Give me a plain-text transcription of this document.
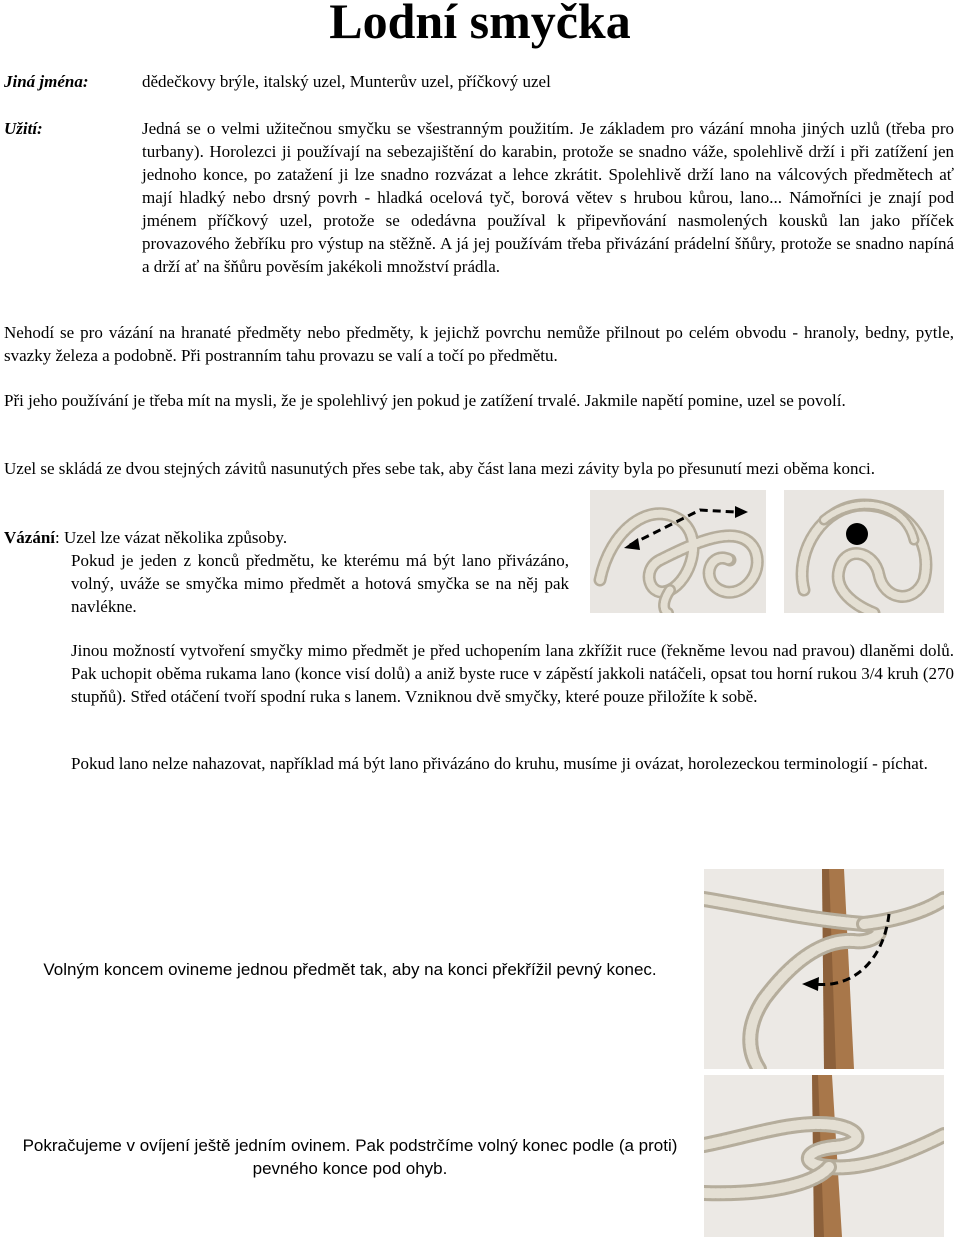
Lodní smyčka
Jiná jména:	dědečkovy brýle, italský uzel, Munterův uzel, příčkový uzel
Užití:	Jedná se o velmi užitečnou smyčku se všestranným použitím. Je základem pro vázání mnoha jiných uzlů (třeba pro turbany). Horolezci ji používají na sebezajištění do karabin, protože se snadno váže, spolehlivě drží i při zatížení jen jednoho konce, po zatažení ji lze snadno rozvázat a lehce zkrátit. Spolehlivě drží lano na válcových předmětech ať mají hladký nebo drsný povrh - hladká ocelová tyč, borová větev s hrubou kůrou, lano... Námořníci je znají pod jménem příčkový uzel, protože se odedávna používal k připevňování nasmolených kousků lan jako příček provazového žebříku pro výstup na stěžně. A já jej používám třeba přivázání prádelní šňůry, protože se snadno napíná a drží ať na šňůru pověsím jakékoli množství prádla.
Nehodí se pro vázání na hranaté předměty nebo předměty, k jejichž povrchu nemůže přilnout po celém obvodu - hranoly, bedny, pytle, svazky železa a podobně. Při postranním tahu provazu se valí a točí po předmětu.
Při jeho používání je třeba mít na mysli, že je spolehlivý jen pokud je zatížení trvalé. Jakmile napětí pomine, uzel se povolí.
Uzel se skládá ze dvou stejných závitů nasunutých přes sebe tak, aby část lana mezi závity byla po přesunutí mezi oběma konci.
Vázání: Uzel lze vázat několika způsoby.
Pokud je jeden z konců předmětu, ke kterému má být lano přivázáno, volný, uváže se smyčka mimo předmět a hotová smyčka se na něj pak navlékne.
Jinou možností vytvoření smyčky mimo předmět je před uchopením lana zkřížit ruce (řekněme levou nad pravou) dlaněmi dolů. Pak uchopit oběma rukama lano (konce visí dolů) a aniž byste ruce v zápěstí jakkoli natáčeli, opsat tou horní rukou 3/4 kruh (270 stupňů). Střed otáčení tvoří spodní ruka s lanem. Vzniknou dvě smyčky, které pouze přiložíte k sobě.
Pokud lano nelze nahazovat, například má být lano přivázáno do kruhu, musíme ji ovázat, horolezeckou terminologií - píchat.
Volným koncem ovineme jednou předmět tak, aby na konci překřížil pevný konec.
Pokračujeme v ovíjení ještě jedním ovinem. Pak podstrčíme volný konec podle (a proti) pevného konce pod ohyb.
